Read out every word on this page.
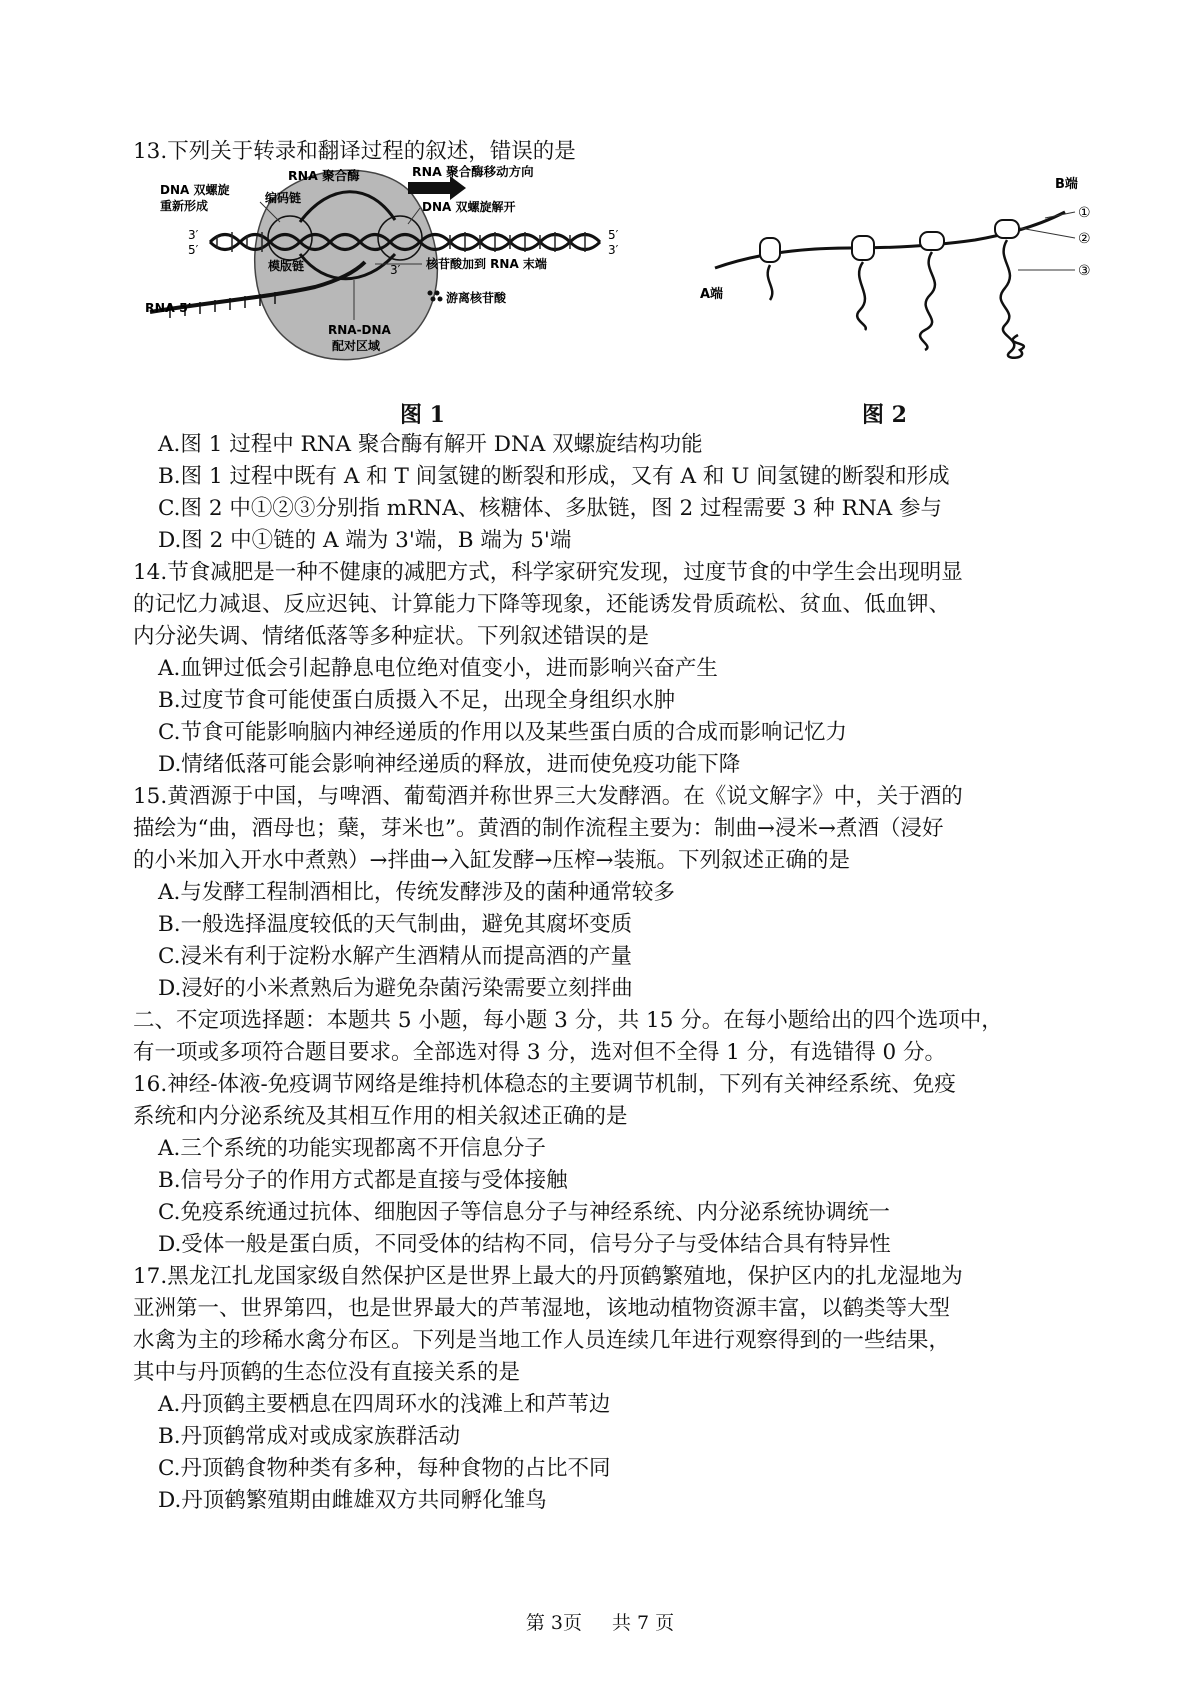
13.下列关于转录和翻译过程的叙述，错误的是
RNA 聚合酶	RNA 聚合酶移动方向
DNA 双螺旋
重新形成
编码链
DNA 双螺旋解开
模版链	核苷酸加到 RNA 末端
游离核苷酸
RNA 5′
RNA-DNA
配对区域
3′
5′
5′
3′
3′
图 1
B端
A端
①
②
③
图 2
A.图 1 过程中 RNA 聚合酶有解开 DNA 双螺旋结构功能
B.图 1 过程中既有 A 和 T 间氢键的断裂和形成，又有 A 和 U 间氢键的断裂和形成
C.图 2 中①②③分别指 mRNA、核糖体、多肽链，图 2 过程需要 3 种 RNA 参与
D.图 2 中①链的 A 端为 3'端，B 端为 5'端
14.节食减肥是一种不健康的减肥方式，科学家研究发现，过度节食的中学生会出现明显
的记忆力减退、反应迟钝、计算能力下降等现象，还能诱发骨质疏松、贫血、低血钾、
内分泌失调、情绪低落等多种症状。下列叙述错误的是
A.血钾过低会引起静息电位绝对值变小，进而影响兴奋产生
B.过度节食可能使蛋白质摄入不足，出现全身组织水肿
C.节食可能影响脑内神经递质的作用以及某些蛋白质的合成而影响记忆力
D.情绪低落可能会影响神经递质的释放，进而使免疫功能下降
15.黄酒源于中国，与啤酒、葡萄酒并称世界三大发酵酒。在《说文解字》中，关于酒的
描绘为“曲，酒母也；蘖，芽米也”。黄酒的制作流程主要为：制曲→浸米→煮酒（浸好
的小米加入开水中煮熟）→拌曲→入缸发酵→压榨→装瓶。下列叙述正确的是
A.与发酵工程制酒相比，传统发酵涉及的菌种通常较多
B.一般选择温度较低的天气制曲，避免其腐坏变质
C.浸米有利于淀粉水解产生酒精从而提高酒的产量
D.浸好的小米煮熟后为避免杂菌污染需要立刻拌曲
二、不定项选择题：本题共 5 小题，每小题 3 分，共 15 分。在每小题给出的四个选项中，
有一项或多项符合题目要求。全部选对得 3 分，选对但不全得 1 分，有选错得 0 分。
16.神经-体液-免疫调节网络是维持机体稳态的主要调节机制，下列有关神经系统、免疫
系统和内分泌系统及其相互作用的相关叙述正确的是
A.三个系统的功能实现都离不开信息分子
B.信号分子的作用方式都是直接与受体接触
C.免疫系统通过抗体、细胞因子等信息分子与神经系统、内分泌系统协调统一
D.受体一般是蛋白质，不同受体的结构不同，信号分子与受体结合具有特异性
17.黑龙江扎龙国家级自然保护区是世界上最大的丹顶鹤繁殖地，保护区内的扎龙湿地为
亚洲第一、世界第四，也是世界最大的芦苇湿地，该地动植物资源丰富，以鹤类等大型
水禽为主的珍稀水禽分布区。下列是当地工作人员连续几年进行观察得到的一些结果，
其中与丹顶鹤的生态位没有直接关系的是
A.丹顶鹤主要栖息在四周环水的浅滩上和芦苇边
B.丹顶鹤常成对或成家族群活动
C.丹顶鹤食物种类有多种，每种食物的占比不同
D.丹顶鹤繁殖期由雌雄双方共同孵化雏鸟
第 3页 共 7 页
